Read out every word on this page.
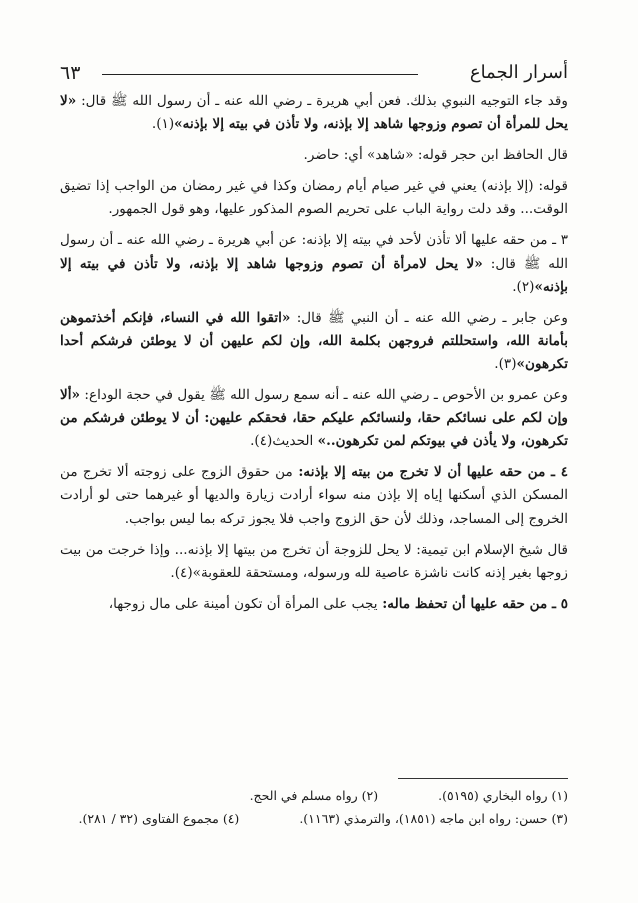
أسرار الجماع
٦٣

وقد جاء التوجيه النبوي بذلك. فعن أبي هريرة ـ رضي الله عنه ـ أن رسول الله ﷺ قال: «لا يحل للمرأة أن تصوم وزوجها شاهد إلا بإذنه، ولا تأذن في بيته إلا بإذنه»(١).

قال الحافظ ابن حجر قوله: «شاهد» أي: حاضر.

قوله: (إلا بإذنه) يعني في غير صيام أيام رمضان وكذا في غير رمضان من الواجب إذا تضيق الوقت... وقد دلت رواية الباب على تحريم الصوم المذكور عليها، وهو قول الجمهور.

٣ ـ من حقه عليها ألا تأذن لأحد في بيته إلا بإذنه: عن أبي هريرة ـ رضي الله عنه ـ أن رسول الله ﷺ قال: «لا يحل لامرأة أن تصوم وزوجها شاهد إلا بإذنه، ولا تأذن في بيته إلا بإذنه»(٢).

وعن جابر ـ رضي الله عنه ـ أن النبي ﷺ قال: «اتقوا الله في النساء، فإنكم أخذتموهن بأمانة الله، واستحللتم فروجهن بكلمة الله، وإن لكم عليهن أن لا يوطئن فرشكم أحدا تكرهون»(٣).

وعن عمرو بن الأحوص ـ رضي الله عنه ـ أنه سمع رسول الله ﷺ يقول في حجة الوداع: «ألا وإن لكم على نسائكم حقا، ولنسائكم عليكم حقا، فحقكم عليهن: أن لا يوطئن فرشكم من تكرهون، ولا يأذن في بيوتكم لمن تكرهون..» الحديث(٤).

٤ ـ من حقه عليها أن لا تخرج من بيته إلا بإذنه: من حقوق الزوج على زوجته ألا تخرج من المسكن الذي أسكنها إياه إلا بإذن منه سواء أرادت زيارة والديها أو غيرهما حتى لو أرادت الخروج إلى المساجد، وذلك لأن حق الزوج واجب فلا يجوز تركه بما ليس بواجب.

قال شيخ الإسلام ابن تيمية: لا يحل للزوجة أن تخرج من بيتها إلا بإذنه... وإذا خرجت من بيت زوجها بغير إذنه كانت ناشزة عاصية لله ورسوله، ومستحقة للعقوبة»(٤).

٥ ـ من حقه عليها أن تحفظ ماله: يجب على المرأة أن تكون أمينة على مال زوجها،

(١) رواه البخاري (٥١٩٥).
(٢) رواه مسلم في الحج.
(٣) حسن: رواه ابن ماجه (١٨٥١)، والترمذي (١١٦٣).
(٤) مجموع الفتاوى (٣٢ / ٢٨١).
